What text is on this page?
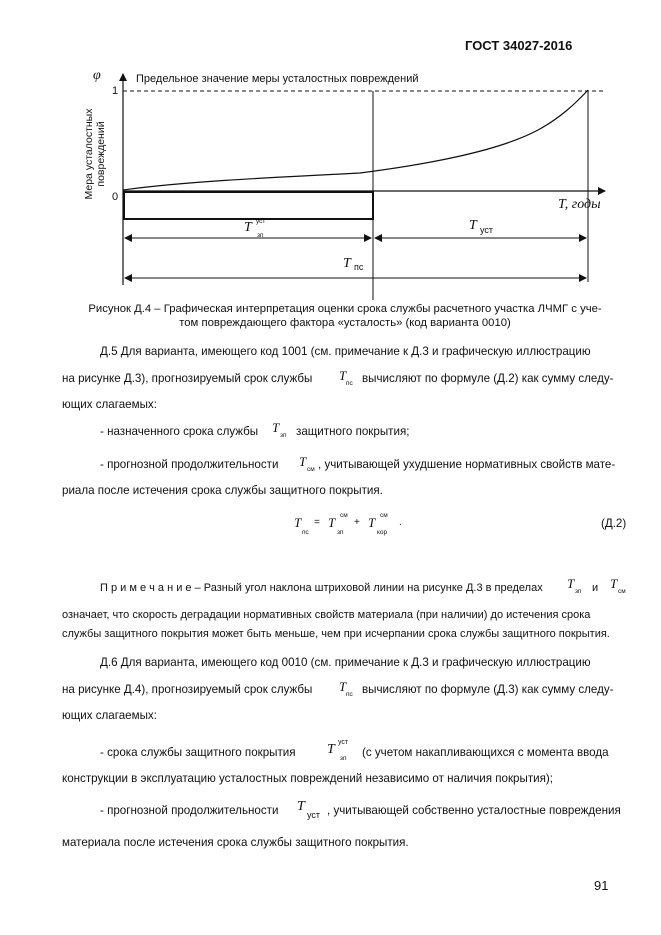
ГОСТ 34027-2016
φ	Предельное значение меры усталостных повреждений
1
0
Мера усталостных повреждений
T, годы
T уст
зп
T уст
T пс
Рисунок Д.4 – Графическая интерпретация оценки срока службы расчетного участка ЛЧМГ с уче-
том повреждающего фактора «усталость» (код варианта 0010)
Д.5 Для варианта, имеющего код 1001 (см. примечание к Д.3 и графическую иллюстрацию
на рисунке Д.3), прогнозируемый срок службы T
пс вычисляют по формуле (Д.2) как сумму следу-
ющих слагаемых:
- назначенного срока службы T
зп защитного покрытия;
- прогнозной продолжительности T
см , учитывающей ухудшение нормативных свойств мате-
риала после истечения срока службы защитного покрытия.
T
пс
= T см
зп
+ T см
кор
.	(Д.2)
П р и м е ч а н и е – Разный угол наклона штриховой линии на рисунке Д.3 в пределах T
зп и T
см
означает, что скорость деградации нормативных свойств материала (при наличии) до истечения срока
службы защитного покрытия может быть меньше, чем при исчерпании срока службы защитного покрытия.
Д.6 Для варианта, имеющего код 0010 (см. примечание к Д.3 и графическую иллюстрацию
на рисунке Д.4), прогнозируемый срок службы T
пс вычисляют по формуле (Д.3) как сумму следу-
ющих слагаемых:
- срока службы защитного покрытия T уст
зп (с учетом накапливающихся с момента ввода
конструкции в эксплуатацию усталостных повреждений независимо от наличия покрытия);
- прогнозной продолжительности T
уст , учитывающей собственно усталостные повреждения
материала после истечения срока службы защитного покрытия.
91
